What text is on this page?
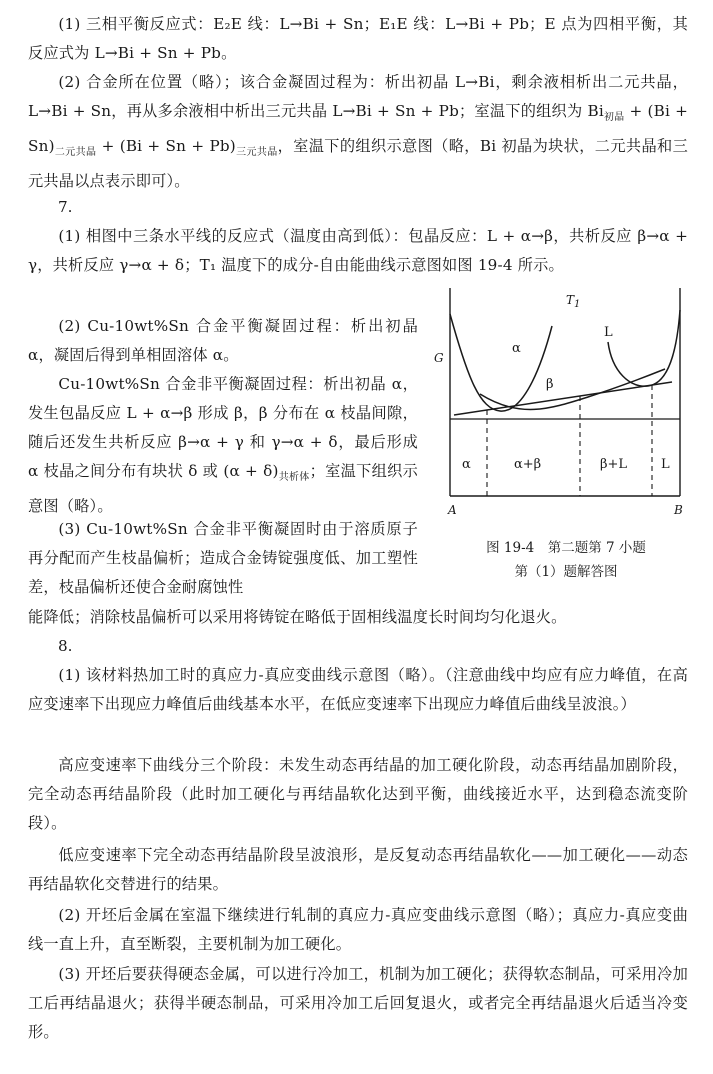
(1) 三相平衡反应式：E₂E 线：L→Bi + Sn；E₁E 线：L→Bi + Pb；E 点为四相平衡，其反应式为 L→Bi + Sn + Pb。

(2) 合金所在位置（略）；该合金凝固过程为：析出初晶 L→Bi，剩余液相析出二元共晶，L→Bi + Sn，再从多余液相中析出三元共晶 L→Bi + Sn + Pb；室温下的组织为 $Bi_{初晶} + (Bi + Sn)_{二元共晶} + (Bi + Sn + Pb)_{三元共晶}$，室温下的组织示意图（略，Bi 初晶为块状，二元共晶和三元共晶以点表示即可）。

7.

(1) 相图中三条水平线的反应式（温度由高到低）：包晶反应：L + α→β，共析反应 β→α + γ，共析反应 γ→α + δ；T₁ 温度下的成分-自由能曲线示意图如图 19-4 所示。

(2) Cu-10wt%Sn 合金平衡凝固过程：析出初晶 α，凝固后得到单相固溶体 α。

Cu-10wt%Sn 合金非平衡凝固过程：析出初晶 α，发生包晶反应 L + α→β 形成 β，β 分布在 α 枝晶间隙，随后还发生共析反应 β→α + γ 和 γ→α + δ，最后形成 α 枝晶之间分布有块状 δ 或 $(\alpha + \delta)_{共析体}$；室温下组织示意图（略）。

(3) Cu-10wt%Sn 合金非平衡凝固时由于溶质原子再分配而产生枝晶偏析；造成合金铸锭强度低、加工塑性差，枝晶偏析还使合金耐腐蚀性

能降低；消除枝晶偏析可以采用将铸锭在略低于固相线温度长时间均匀化退火。

$T_1$
G
α
β
L
α	α+β	β+L	L
A	B

图 19-4　第二题第 7 小题

第（1）题解答图

8.

(1) 该材料热加工时的真应力-真应变曲线示意图（略）。（注意曲线中均应有应力峰值，在高应变速率下出现应力峰值后曲线基本水平，在低应变速率下出现应力峰值后曲线呈波浪。）

高应变速率下曲线分三个阶段：未发生动态再结晶的加工硬化阶段，动态再结晶加剧阶段，完全动态再结晶阶段（此时加工硬化与再结晶软化达到平衡，曲线接近水平，达到稳态流变阶段）。

低应变速率下完全动态再结晶阶段呈波浪形，是反复动态再结晶软化——加工硬化——动态再结晶软化交替进行的结果。

(2) 开坯后金属在室温下继续进行轧制的真应力-真应变曲线示意图（略）；真应力-真应变曲线一直上升，直至断裂，主要机制为加工硬化。

(3) 开坯后要获得硬态金属，可以进行冷加工，机制为加工硬化；获得软态制品，可采用冷加工后再结晶退火；获得半硬态制品，可采用冷加工后回复退火，或者完全再结晶退火后适当冷变形。
